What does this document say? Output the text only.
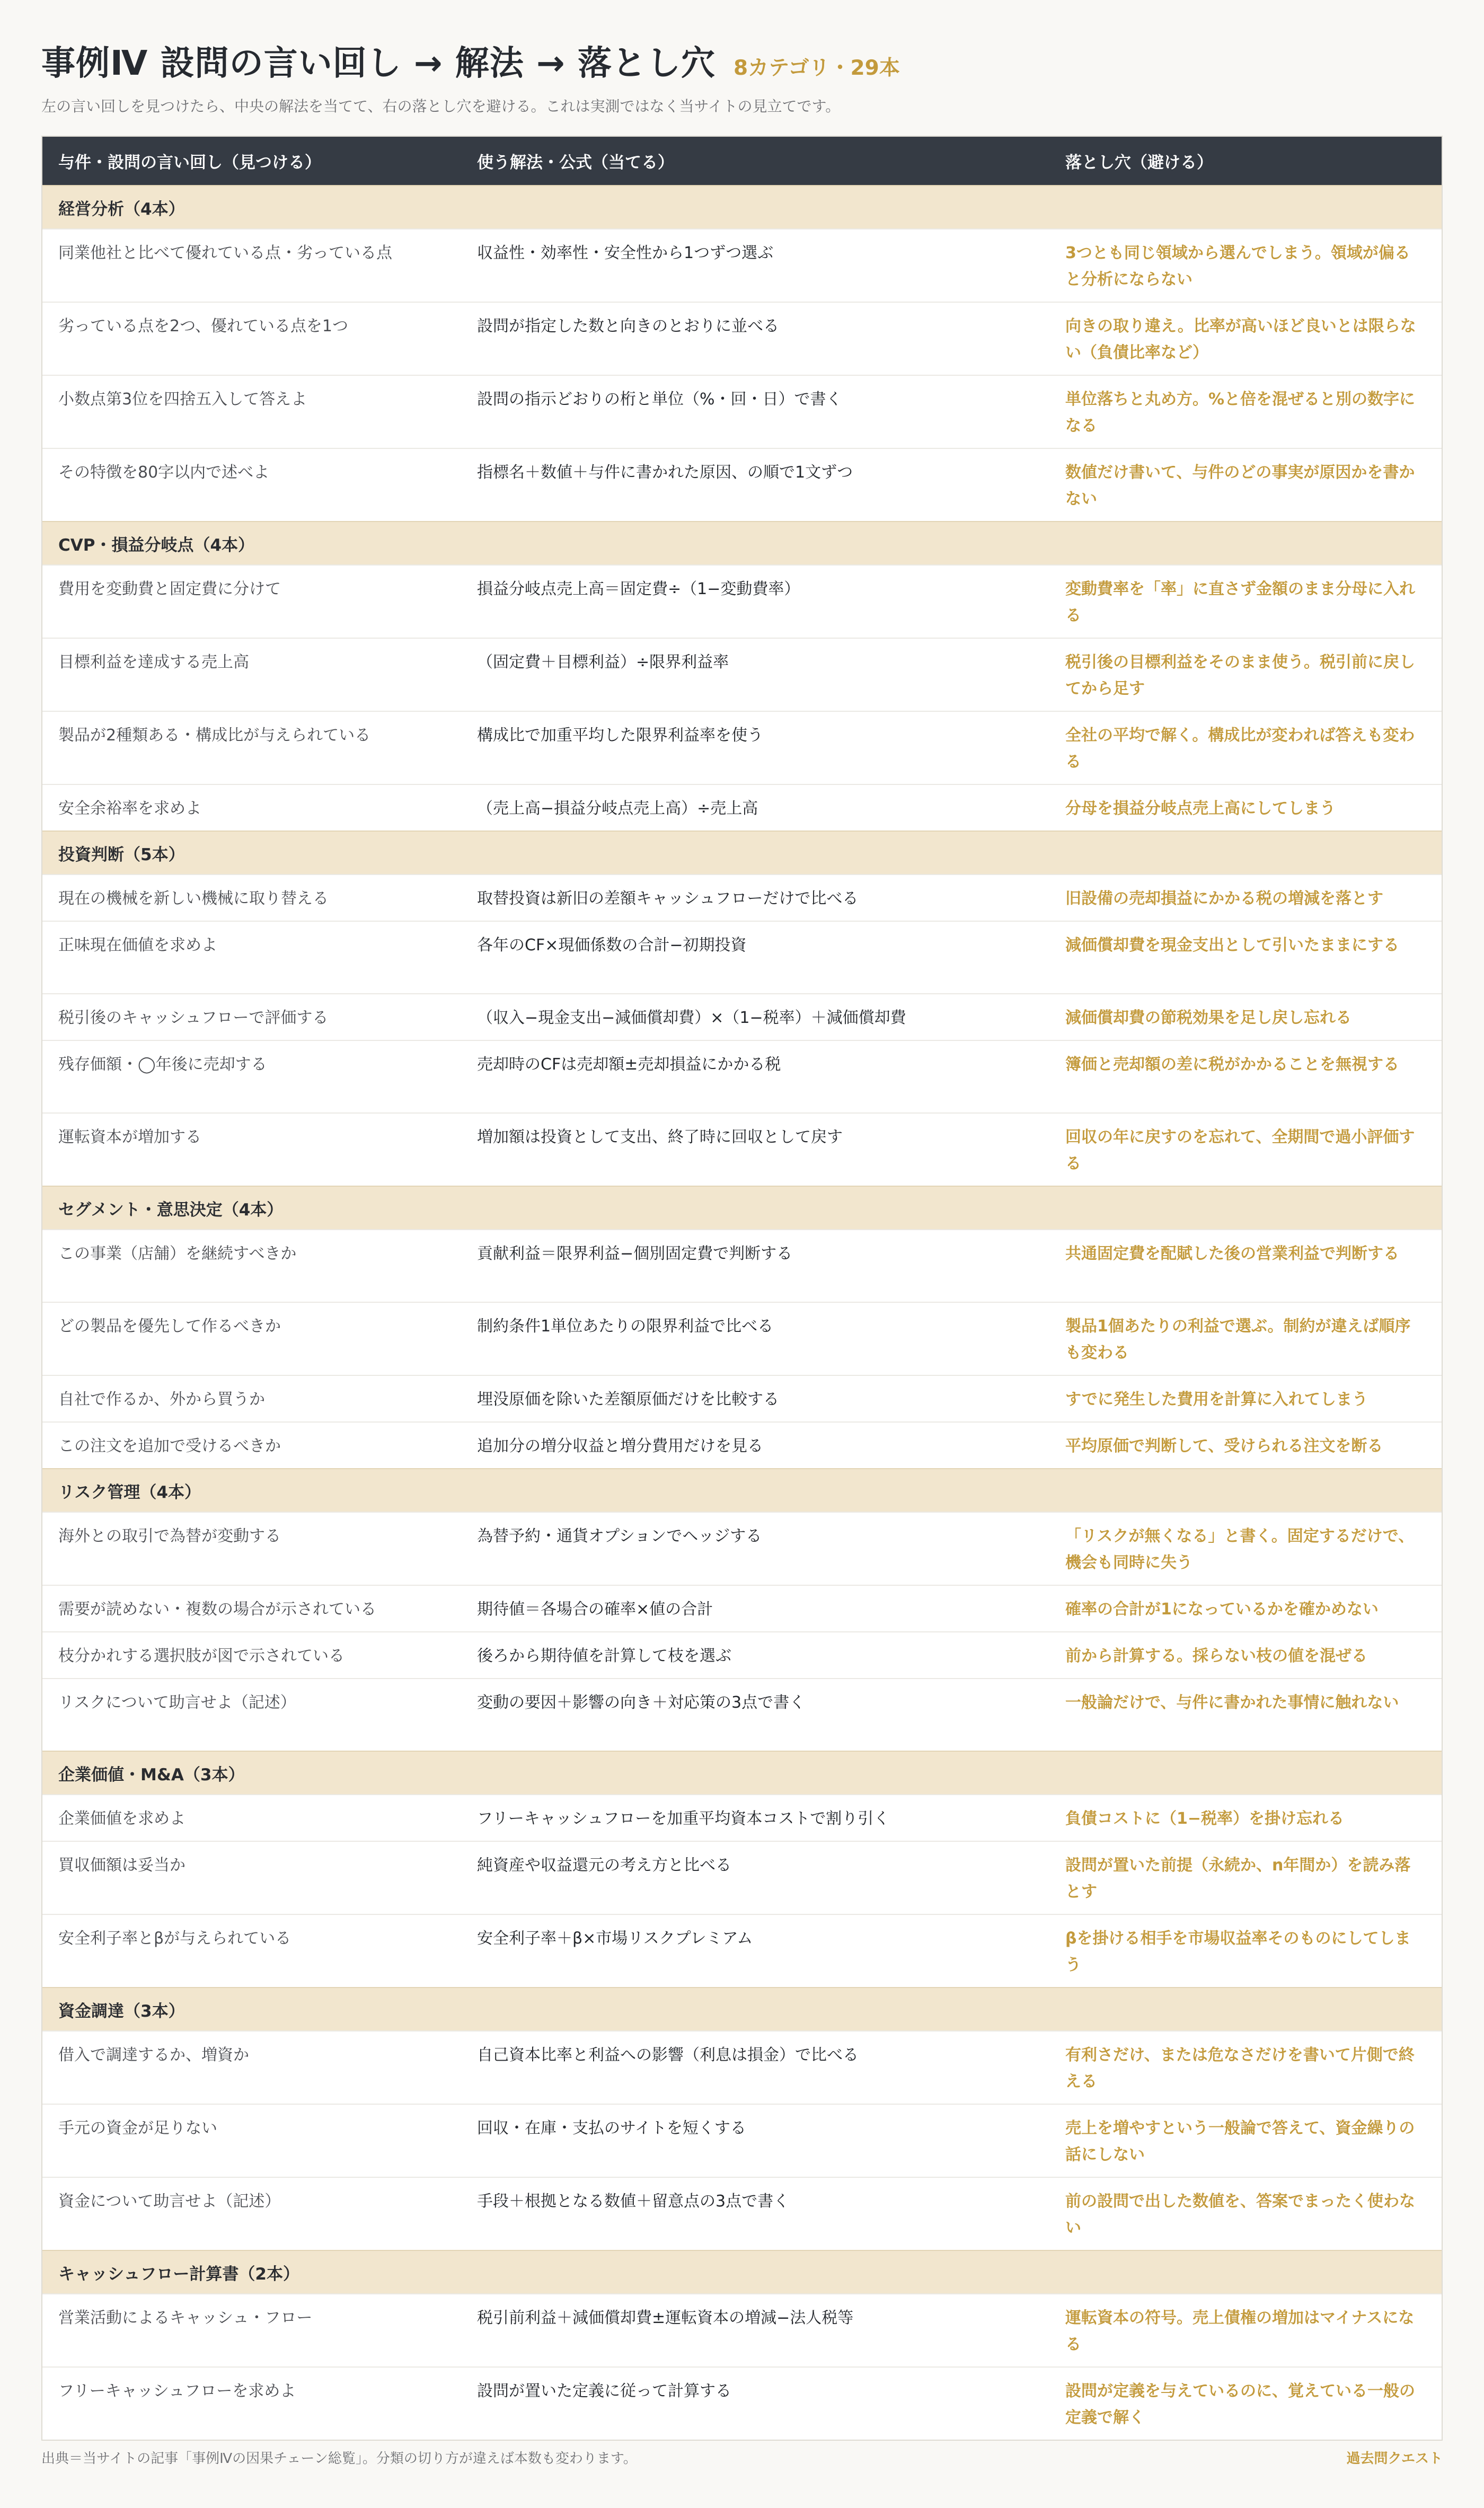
事例Ⅳ 設問の言い回し → 解法 → 落とし穴 8カテゴリ・29本

左の言い回しを見つけたら、中央の解法を当てて、右の落とし穴を避ける。これは実測ではなく当サイトの見立てです。

与件・設問の言い回し（見つける）	使う解法・公式（当てる）	落とし穴（避ける）
経営分析（4本）		
同業他社と比べて優れている点・劣っている点	収益性・効率性・安全性から1つずつ選ぶ	3つとも同じ領域から選んでしまう。領域が偏ると分析にならない
劣っている点を2つ、優れている点を1つ	設問が指定した数と向きのとおりに並べる	向きの取り違え。比率が高いほど良いとは限らない（負債比率など）
小数点第3位を四捨五入して答えよ	設問の指示どおりの桁と単位（%・回・日）で書く	単位落ちと丸め方。%と倍を混ぜると別の数字になる
その特徴を80字以内で述べよ	指標名＋数値＋与件に書かれた原因、の順で1文ずつ	数値だけ書いて、与件のどの事実が原因かを書かない
CVP・損益分岐点（4本）		
費用を変動費と固定費に分けて	損益分岐点売上高＝固定費÷（1−変動費率）	変動費率を「率」に直さず金額のまま分母に入れる
目標利益を達成する売上高	（固定費＋目標利益）÷限界利益率	税引後の目標利益をそのまま使う。税引前に戻してから足す
製品が2種類ある・構成比が与えられている	構成比で加重平均した限界利益率を使う	全社の平均で解く。構成比が変われば答えも変わる
安全余裕率を求めよ	（売上高−損益分岐点売上高）÷売上高	分母を損益分岐点売上高にしてしまう
投資判断（5本）		
現在の機械を新しい機械に取り替える	取替投資は新旧の差額キャッシュフローだけで比べる	旧設備の売却損益にかかる税の増減を落とす
正味現在価値を求めよ	各年のCF×現価係数の合計−初期投資	減価償却費を現金支出として引いたままにする
税引後のキャッシュフローで評価する	（収入−現金支出−減価償却費）×（1−税率）＋減価償却費	減価償却費の節税効果を足し戻し忘れる
残存価額・◯年後に売却する	売却時のCFは売却額±売却損益にかかる税	簿価と売却額の差に税がかかることを無視する
運転資本が増加する	増加額は投資として支出、終了時に回収として戻す	回収の年に戻すのを忘れて、全期間で過小評価する
セグメント・意思決定（4本）		
この事業（店舗）を継続すべきか	貢献利益＝限界利益−個別固定費で判断する	共通固定費を配賦した後の営業利益で判断する
どの製品を優先して作るべきか	制約条件1単位あたりの限界利益で比べる	製品1個あたりの利益で選ぶ。制約が違えば順序も変わる
自社で作るか、外から買うか	埋没原価を除いた差額原価だけを比較する	すでに発生した費用を計算に入れてしまう
この注文を追加で受けるべきか	追加分の増分収益と増分費用だけを見る	平均原価で判断して、受けられる注文を断る
リスク管理（4本）		
海外との取引で為替が変動する	為替予約・通貨オプションでヘッジする	「リスクが無くなる」と書く。固定するだけで、機会も同時に失う
需要が読めない・複数の場合が示されている	期待値＝各場合の確率×値の合計	確率の合計が1になっているかを確かめない
枝分かれする選択肢が図で示されている	後ろから期待値を計算して枝を選ぶ	前から計算する。採らない枝の値を混ぜる
リスクについて助言せよ（記述）	変動の要因＋影響の向き＋対応策の3点で書く	一般論だけで、与件に書かれた事情に触れない
企業価値・M&A（3本）		
企業価値を求めよ	フリーキャッシュフローを加重平均資本コストで割り引く	負債コストに（1−税率）を掛け忘れる
買収価額は妥当か	純資産や収益還元の考え方と比べる	設問が置いた前提（永続か、n年間か）を読み落とす
安全利子率とβが与えられている	安全利子率＋β×市場リスクプレミアム	βを掛ける相手を市場収益率そのものにしてしまう
資金調達（3本）		
借入で調達するか、増資か	自己資本比率と利益への影響（利息は損金）で比べる	有利さだけ、または危なさだけを書いて片側で終える
手元の資金が足りない	回収・在庫・支払のサイトを短くする	売上を増やすという一般論で答えて、資金繰りの話にしない
資金について助言せよ（記述）	手段＋根拠となる数値＋留意点の3点で書く	前の設問で出した数値を、答案でまったく使わない
キャッシュフロー計算書（2本）		
営業活動によるキャッシュ・フロー	税引前利益＋減価償却費±運転資本の増減−法人税等	運転資本の符号。売上債権の増加はマイナスになる
フリーキャッシュフローを求めよ	設問が置いた定義に従って計算する	設問が定義を与えているのに、覚えている一般の定義で解く
出典＝当サイトの記事「事例Ⅳの因果チェーン総覧」。分類の切り方が違えば本数も変わります。	過去問クエスト
